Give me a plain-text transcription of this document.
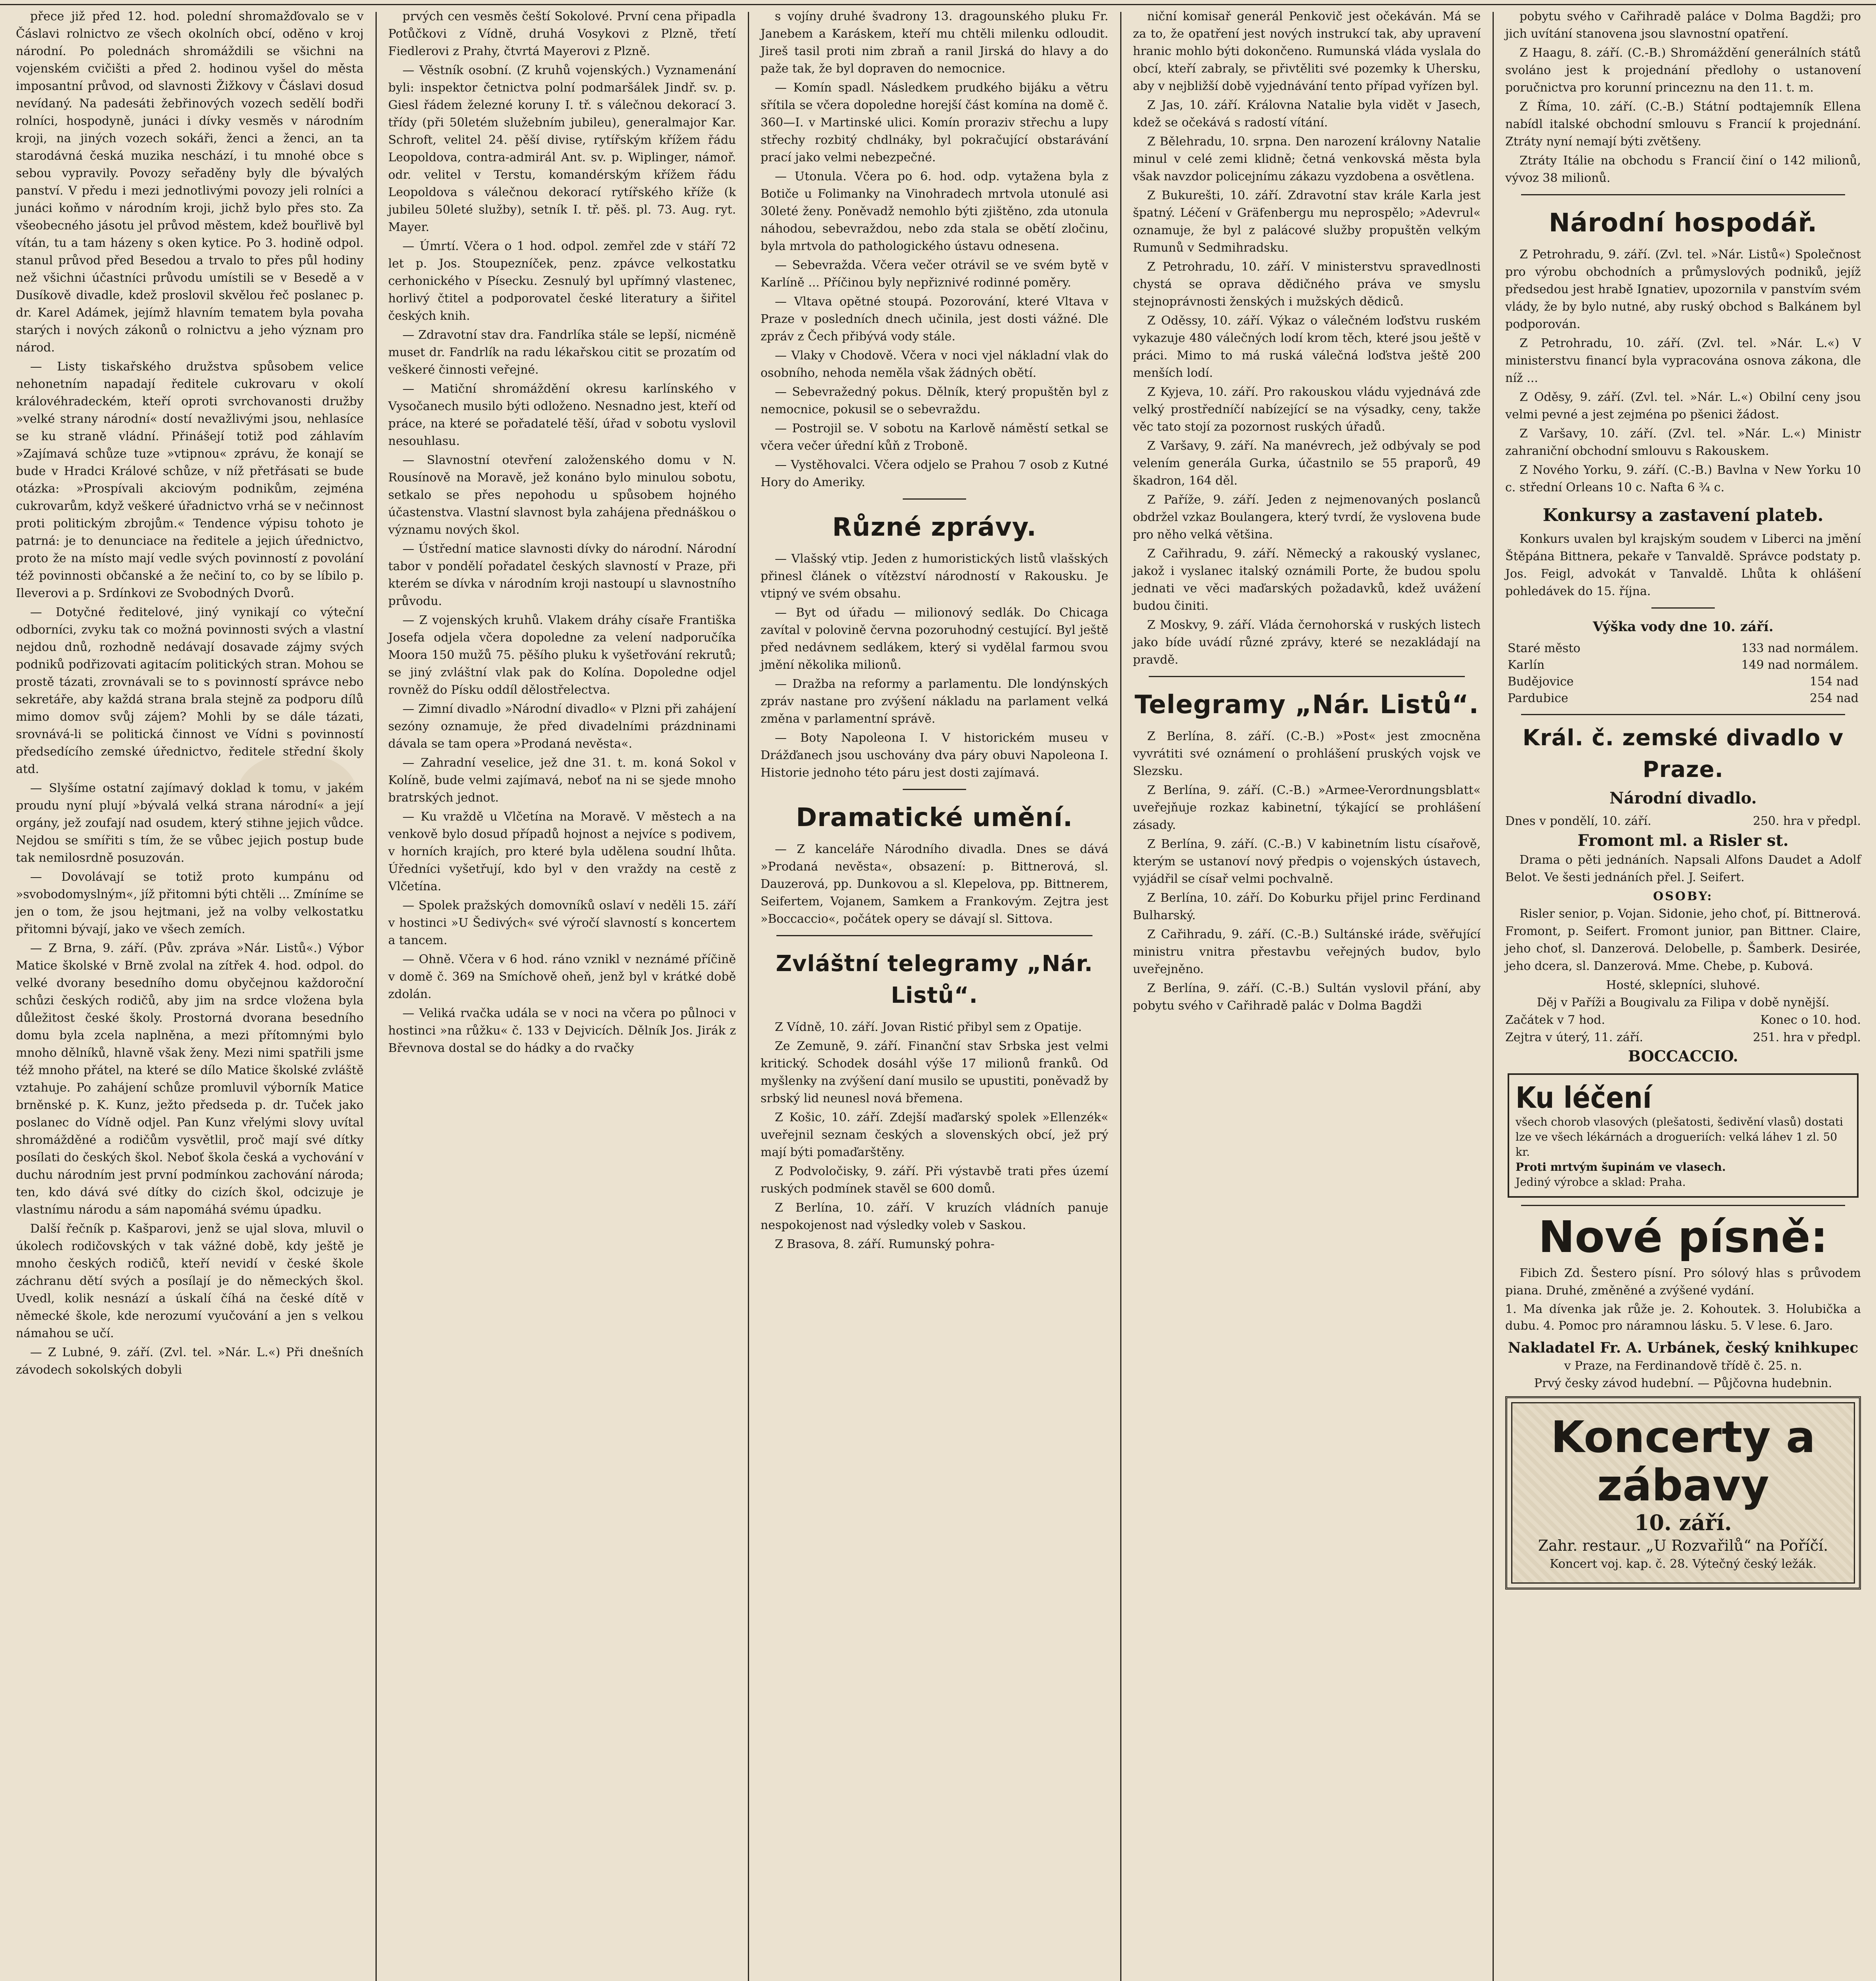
přece již před 12. hod. polední shromažďovalo se v Čáslavi rolnictvo ze všech okolních obcí, oděno v kroj národní. Po polednách shromáždili se všichni na vojenském cvičišti a před 2. hodinou vyšel do města imposantní průvod, od slavnosti Žižkovy v Čáslavi dosud nevídaný. Na padesáti žebřinových vozech sedělí bodři rolníci, hospodyně, junáci i dívky vesměs v národním kroji, na jiných vozech sokáři, ženci a ženci, an ta starodávná česká muzika neschází, i tu mnohé obce s sebou vypravily. Povozy seřaděny byly dle bývalých panství. V předu i mezi jednotlivými povozy jeli rolníci a junáci koňmo v národním kroji, jichž bylo přes sto. Za všeobecného jásotu jel průvod městem, kdež bouřlivě byl vítán, tu a tam házeny s oken kytice. Po 3. hodině odpol. stanul průvod před Besedou a trvalo to přes půl hodiny než všichni účastníci průvodu umístili se v Besedě a v Dusíkově divadle, kdež proslovil skvělou řeč poslanec p. dr. Karel Adámek, jejímž hlavním tematem byla povaha starých i nových zákonů o rolnictvu a jeho význam pro národ.

— Listy tiskařského družstva spůsobem velice nehonetním napadají ředitele cukrovaru v okolí královéhradeckém, kteří oproti svrchovanosti družby »velké strany národní« dostí nevažlivými jsou, nehlasíce se ku straně vládní. Přinášejí totiž pod záhlavím »Zajímavá schůze tuze »vtipnou« zprávu, že konají se bude v Hradci Králové schůze, v níž přetřásati se bude otázka: »Prospívali akciovým podnikům, zejména cukrovarům, když veškeré úřadnictvo vrhá se v nečinnost proti politickým zbrojům.« Tendence výpisu tohoto je patrná: je to denunciace na ředitele a jejich úřednictvo, proto že na místo mají vedle svých povinností z povolání též povinnosti občanské a že nečiní to, co by se líbilo p. Ileverovi a p. Srdínkovi ze Svobodných Dvorů.

— Dotyčné ředitelové, jiný vynikají co výteční odborníci, zvyku tak co možná povinnosti svých a vlastní nejdou dnů, rozhodně nedávají dosavade zájmy svých podniků podřizovati agitacím politických stran. Mohou se prostě tázati, zrovnávali se to s povinností správce nebo sekretáře, aby každá strana brala stejně za podporu dílů mimo domov svůj zájem? Mohli by se dále tázati, srovnává-li se politická činnost ve Vídni s povinností předsedícího zemské úřednictvo, ředitele střední školy atd.

— Slyšíme ostatní zajímavý doklad k tomu, v jakém proudu nyní plují »bývalá velká strana národní« a její orgány, jež zoufají nad osudem, který stihne jejich vůdce. Nejdou se smířiti s tím, že se vůbec jejich postup bude tak nemilosrdně posuzován.

— Dovolávají se totiž proto kumpánu od »svobodomyslným«, jíž přitomni býti chtěli ... Zmíníme se jen o tom, že jsou hejtmani, jež na volby velkostatku přitomni bývají, jako ve všech zemích.

— Z Brna, 9. září. (Pův. zpráva »Nár. Listů«.) Výbor Matice školské v Brně zvolal na zítřek 4. hod. odpol. do velké dvorany besedního domu obyčejnou každoroční schůzi českých rodičů, aby jim na srdce vložena byla důležitost české školy. Prostorná dvorana besedního domu byla zcela naplněna, a mezi přítomnými bylo mnoho dělníků, hlavně však ženy. Mezi nimi spatřili jsme též mnoho přátel, na které se dílo Matice školské zvláště vztahuje. Po zahájení schůze promluvil výborník Matice brněnské p. K. Kunz, ježto předseda p. dr. Tuček jako poslanec do Vídně odjel. Pan Kunz vřelými slovy uvítal shromážděné a rodičům vysvětlil, proč mají své dítky posílati do českých škol. Neboť škola česká a vychování v duchu národním jest první podmínkou zachování národa; ten, kdo dává své dítky do cizích škol, odcizuje je vlastnímu národu a sám napomáhá svému úpadku.

Další řečník p. Kašparovi, jenž se ujal slova, mluvil o úkolech rodičovských v tak vážné době, kdy ještě je mnoho českých rodičů, kteří nevidí v české škole záchranu dětí svých a posílají je do německých škol. Uvedl, kolik nesnází a úskalí číhá na české dítě v německé škole, kde nerozumí vyučování a jen s velkou námahou se učí.

— Z Lubné, 9. září. (Zvl. tel. »Nár. L.«) Při dnešních závodech sokolských dobyli

prvých cen vesměs čeští Sokolové. První cena připadla Potůčkovi z Vídně, druhá Vosykovi z Plzně, třetí Fiedlerovi z Prahy, čtvrtá Mayerovi z Plzně.

— Věstník osobní. (Z kruhů vojenských.) Vyznamenání byli: inspektor četnictva polní podmaršálek Jindř. sv. p. Giesl řádem železné koruny I. tř. s válečnou dekorací 3. třídy (při 50letém služebním jubileu), generalmajor Kar. Schroft, velitel 24. pěší divise, rytířským křížem řádu Leopoldova, contra-admirál Ant. sv. p. Wiplinger, námoř. odr. velitel v Terstu, komandérským křížem řádu Leopoldova s válečnou dekorací rytířského kříže (k jubileu 50leté služby), setník I. tř. pěš. pl. 73. Aug. ryt. Mayer.

— Úmrtí. Včera o 1 hod. odpol. zemřel zde v stáří 72 let p. Jos. Stoupezníček, penz. zpávce velkostatku cerhonického v Písecku. Zesnulý byl upřímný vlastenec, horlivý čtitel a podporovatel české literatury a šiřitel českých knih.

— Zdravotní stav dra. Fandrlíka stále se lepší, nicméně muset dr. Fandrlík na radu lékařskou citit se prozatím od veškeré činnosti veřejné.

— Matiční shromáždění okresu karlínského v Vysočanech musilo býti odloženo. Nesnadno jest, kteří od práce, na které se pořadatelé těší, úřad v sobotu vyslovil nesouhlasu.

— Slavnostní otevření založenského domu v N. Rousínově na Moravě, jež konáno bylo minulou sobotu, setkalo se přes nepohodu u spůsobem hojného účastenstva. Vlastní slavnost byla zahájena přednáškou o významu nových škol.

— Ústřední matice slavnosti dívky do národní. Národní tabor v pondělí pořadatel českých slavností v Praze, při kterém se dívka v národním kroji nastoupí u slavnostního průvodu.

— Z vojenských kruhů. Vlakem dráhy císaře Františka Josefa odjela včera dopoledne za velení nadporučíka Moora 150 mužů 75. pěšího pluku k vyšetřování rekrutů; se jiný zvláštní vlak pak do Kolína. Dopoledne odjel rovněž do Písku oddíl dělostřelectva.

— Zimní divadlo »Národní divadlo« v Plzni při zahájení sezóny oznamuje, že před divadelními prázdninami dávala se tam opera »Prodaná nevěsta«.

— Zahradní veselice, jež dne 31. t. m. koná Sokol v Kolíně, bude velmi zajímavá, neboť na ni se sjede mnoho bratrských jednot.

— Ku vraždě u Vlčetína na Moravě. V městech a na venkově bylo dosud případů hojnost a nejvíce s podivem, v horních krajích, pro které byla udělena soudní lhůta. Úředníci vyšetřují, kdo byl v den vraždy na cestě z Vlčetína.

— Spolek pražských domovníků oslaví v neděli 15. září v hostinci »U Šedivých« své výročí slavností s koncertem a tancem.

— Ohně. Včera v 6 hod. ráno vznikl v neznámé příčině v domě č. 369 na Smíchově oheň, jenž byl v krátké době zdolán.

— Veliká rvačka udála se v noci na včera po půlnoci v hostinci »na růžku« č. 133 v Dejvicích. Dělník Jos. Jirák z Břevnova dostal se do hádky a do rvačky

s vojíny druhé švadrony 13. dragounského pluku Fr. Janebem a Karáskem, kteří mu chtěli milenku odloudit. Jireš tasil proti nim zbraň a ranil Jirská do hlavy a do paže tak, že byl dopraven do nemocnice.

— Komín spadl. Následkem prudkého bijáku a větru sřítila se včera dopoledne horejší část komína na domě č. 360—I. v Martinské ulici. Komín proraziv střechu a lupy střechy rozbitý chdlnáky, byl pokračující obstarávání prací jako velmi nebezpečné.

— Utonula. Včera po 6. hod. odp. vytažena byla z Botiče u Folimanky na Vinohradech mrtvola utonulé asi 30leté ženy. Poněvadž nemohlo býti zjištěno, zda utonula náhodou, sebevraždou, nebo zda stala se obětí zločinu, byla mrtvola do pathologického ústavu odnesena.

— Sebevražda. Včera večer otrávil se ve svém bytě v Karlíně ... Příčinou byly nepřiznivé rodinné poměry.

— Vltava opětné stoupá. Pozorování, které Vltava v Praze v posledních dnech učinila, jest dosti vážné. Dle zpráv z Čech přibývá vody stále.

— Vlaky v Chodově. Včera v noci vjel nákladní vlak do osobního, nehoda neměla však žádných obětí.

— Sebevražedný pokus. Dělník, který propuštěn byl z nemocnice, pokusil se o sebevraždu.

— Postrojil se. V sobotu na Karlově náměstí setkal se včera večer úřední kůň z Troboně.

— Vystěhovalci. Včera odjelo se Prahou 7 osob z Kutné Hory do Ameriky.

Různé zprávy.

— Vlašský vtip. Jeden z humoristických listů vlašských přinesl článek o vítězství národností v Rakousku. Je vtipný ve svém obsahu.

— Byt od úřadu — milionový sedlák. Do Chicaga zavítal v polovině června pozoruhodný cestující. Byl ještě před nedávnem sedlákem, který si vydělal farmou svou jmění několika milionů.

— Dražba na reformy a parlamentu. Dle londýnských zpráv nastane pro zvýšení nákladu na parlament velká změna v parlamentní správě.

— Boty Napoleona I. V historickém museu v Drážďanech jsou uschovány dva páry obuvi Napoleona I. Historie jednoho této páru jest dosti zajímavá.

Dramatické umění.

— Z kanceláře Národního divadla. Dnes se dává »Prodaná nevěsta«, obsazení: p. Bittnerová, sl. Dauzerová, pp. Dunkovou a sl. Klepelova, pp. Bittnerem, Seifertem, Vojanem, Samkem a Frankovým. Zejtra jest »Boccaccio«, počátek opery se dávají sl. Sittova.

Zvláštní telegramy „Nár. Listů“.

Z Vídně, 10. září. Jovan Ristić přibyl sem z Opatije.

Ze Zemuně, 9. září. Finanční stav Srbska jest velmi kritický. Schodek dosáhl výše 17 milionů franků. Od myšlenky na zvýšení daní musilo se upustiti, poněvadž by srbský lid neunesl nová břemena.

Z Košic, 10. září. Zdejší maďarský spolek »Ellenzék« uveřejnil seznam českých a slovenských obcí, jež prý mají býti pomaďarštěny.

Z Podvoločisky, 9. září. Při výstavbě trati přes území ruských podmínek stavěl se 600 domů.

Z Berlína, 10. září. V kruzích vládních panuje nespokojenost nad výsledky voleb v Saskou.

Z Brasova, 8. září. Rumunský pohra-

niční komisař generál Penkovič jest očekáván. Má se za to, že opatření jest nových instrukcí tak, aby upravení hranic mohlo býti dokončeno. Rumunská vláda vyslala do obcí, kteří zabraly, se přivtěliti své pozemky k Uhersku, aby v nejbližší době vyjednávání tento případ vyřízen byl.

Z Jas, 10. září. Královna Natalie byla vidět v Jasech, kdež se očekává s radostí vítání.

Z Bělehradu, 10. srpna. Den narození královny Natalie minul v celé zemi klidně; četná venkovská města byla však navzdor policejnímu zákazu vyzdobena a osvětlena.

Z Bukurešti, 10. září. Zdravotní stav krále Karla jest špatný. Léčení v Gräfenbergu mu neprospělo; »Adevrul« oznamuje, že byl z palácové služby propuštěn velkým Rumunů v Sedmihradsku.

Z Petrohradu, 10. září. V ministerstvu spravedlnosti chystá se oprava dědičného práva ve smyslu stejnoprávnosti ženských i mužských dědiců.

Z Oděssy, 10. září. Výkaz o válečném loďstvu ruském vykazuje 480 válečných lodí krom těch, které jsou ještě v práci. Mimo to má ruská válečná loďstva ještě 200 menších lodí.

Z Kyjeva, 10. září. Pro rakouskou vládu vyjednává zde velký prostředníčí nabízející se na výsadky, ceny, takže věc tato stojí za pozornost ruských úřadů.

Z Varšavy, 9. září. Na manévrech, jež odbývaly se pod velením generála Gurka, účastnilo se 55 praporů, 49 škadron, 164 děl.

Z Paříže, 9. září. Jeden z nejmenovaných poslanců obdržel vzkaz Boulangera, který tvrdí, že vyslovena bude pro něho velká většina.

Z Cařihradu, 9. září. Německý a rakouský vyslanec, jakož i vyslanec italský oznámili Porte, že budou spolu jednati ve věci maďarských požadavků, kdež uvážení budou činiti.

Z Moskvy, 9. září. Vláda černohorská v ruských listech jako bíde uvádí různé zprávy, které se nezakládají na pravdě.

Telegramy „Nár. Listů“.

Z Berlína, 8. září. (C.-B.) »Post« jest zmocněna vyvrátiti své oznámení o prohlášení pruských vojsk ve Slezsku.

Z Berlína, 9. září. (C.-B.) »Armee-Verordnungsblatt« uveřejňuje rozkaz kabinetní, týkající se prohlášení zásady.

Z Berlína, 9. září. (C.-B.) V kabinetním listu císařově, kterým se ustanoví nový předpis o vojenských ústavech, vyjádřil se císař velmi pochvalně.

Z Berlína, 10. září. Do Koburku přijel princ Ferdinand Bulharský.

Z Cařihradu, 9. září. (C.-B.) Sultánské iráde, svěřující ministru vnitra přestavbu veřejných budov, bylo uveřejněno.

Z Berlína, 9. září. (C.-B.) Sultán vyslovil přání, aby pobytu svého v Cařihradě palác v Dolma Bagdži

pobytu svého v Cařihradě paláce v Dolma Bagdži; pro jich uvítání stanovena jsou slavnostní opatření.

Z Haagu, 8. září. (C.-B.) Shromáždění generálních států svoláno jest k projednání předlohy o ustanovení poručnictva pro korunní princeznu na den 11. t. m.

Z Říma, 10. září. (C.-B.) Státní podtajemník Ellena nabídl italské obchodní smlouvu s Francií k projednání. Ztráty nyní nemají býti zvětšeny.

Ztráty Itálie na obchodu s Francií činí o 142 milionů, vývoz 38 milionů.

Národní hospodář.

Z Petrohradu, 9. září. (Zvl. tel. »Nár. Listů«) Společnost pro výrobu obchodních a průmyslových podniků, jejíž předsedou jest hrabě Ignatiev, upozornila v panstvím svém vlády, že by bylo nutné, aby ruský obchod s Balkánem byl podporován.

Z Petrohradu, 10. září. (Zvl. tel. »Nár. L.«) V ministerstvu financí byla vypracována osnova zákona, dle níž ...

Z Oděsy, 9. září. (Zvl. tel. »Nár. L.«) Obilní ceny jsou velmi pevné a jest zejména po pšenici žádost.

Z Varšavy, 10. září. (Zvl. tel. »Nár. L.«) Ministr zahraniční obchodní smlouvu s Rakouskem.

Z Nového Yorku, 9. září. (C.-B.) Bavlna v New Yorku 10 c. střední Orleans 10 c. Nafta 6 ¾ c.

Konkursy a zastavení plateb.

Konkurs uvalen byl krajským soudem v Liberci na jmění Štěpána Bittnera, pekaře v Tanvaldě. Správce podstaty p. Jos. Feigl, advokát v Tanvaldě. Lhůta k ohlášení pohledávek do 15. října.

Výška vody dne 10. září.
Staré město	133 nad normálem.
Karlín	149 nad normálem.
Budějovice	154 nad
Pardubice	254 nad
Král. č. zemské divadlo v Praze.
Národní divadlo.
Dnes v pondělí, 10. září.	250. hra v předpl.
Fromont ml. a Risler st.

Drama o pěti jednáních. Napsali Alfons Daudet a Adolf Belot. Ve šesti jednáních přel. J. Seifert.

OSOBY:

Risler senior, p. Vojan. Sidonie, jeho choť, pí. Bittnerová. Fromont, p. Seifert. Fromont junior, pan Bittner. Claire, jeho choť, sl. Danzerová. Delobelle, p. Šamberk. Desirée, jeho dcera, sl. Danzerová. Mme. Chebe, p. Kubová.

Hosté, sklepníci, sluhové.
Děj v Paříži a Bougivalu za Filipa v době nynější.
Začátek v 7 hod.	Konec o 10. hod.
Zejtra v úterý, 11. září.	251. hra v předpl.
BOCCACCIO.
Ku léčení
všech chorob vlasových (plešatosti, šedivění vlasů) dostati lze ve všech lékárnách a drogueriích: velká láhev 1 zl. 50 kr.
Proti mrtvým šupinám ve vlasech.
Jediný výrobce a sklad: Praha.
Nové písně:

Fibich Zd. Šestero písní. Pro sólový hlas s průvodem piana. Druhé, změněné a zvýšené vydání.

1. Ma dívenka jak růže je. 2. Kohoutek. 3. Holubička a dubu. 4. Pomoc pro náramnou lásku. 5. V lese. 6. Jaro.
Nakladatel Fr. A. Urbánek, český knihkupec
v Praze, na Ferdinandově třídě č. 25. n.
Prvý česky závod hudební. — Půjčovna hudebnin.
Koncerty a zábavy
10. září.
Zahr. restaur. „U Rozvařilů“ na Poříčí.
Koncert voj. kap. č. 28. Výtečný český ležák.
